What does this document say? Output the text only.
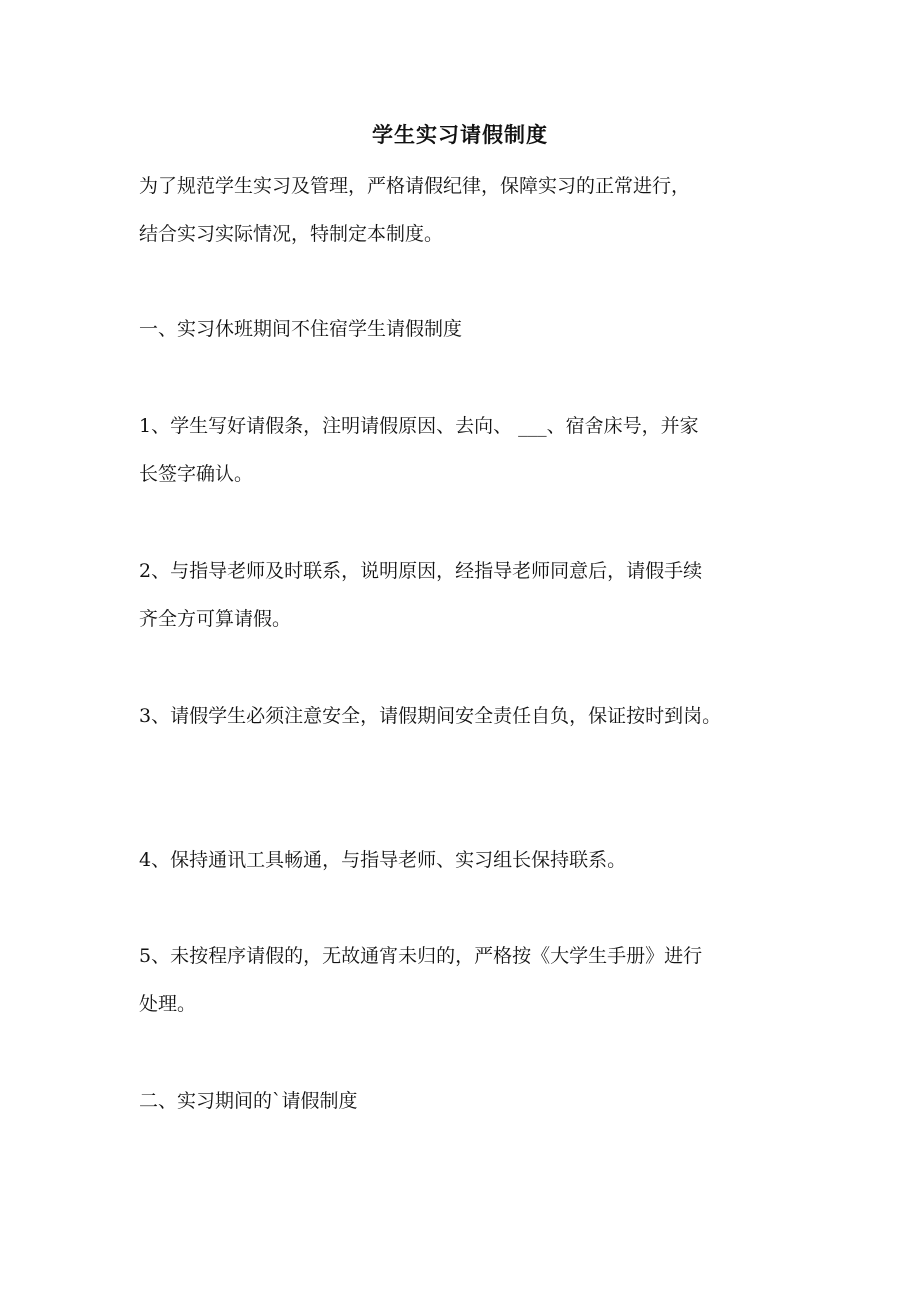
学生实习请假制度
为了规范学生实习及管理，严格请假纪律，保障实习的正常进行，
结合实习实际情况，特制定本制度。
一、实习休班期间不住宿学生请假制度
1、学生写好请假条，注明请假原因、去向、 ___、宿舍床号，并家
长签字确认。
2、与指导老师及时联系，说明原因，经指导老师同意后，请假手续
齐全方可算请假。
3、请假学生必须注意安全，请假期间安全责任自负，保证按时到岗。
4、保持通讯工具畅通，与指导老师、实习组长保持联系。
5、未按程序请假的，无故通宵未归的，严格按《大学生手册》进行
处理。
二、实习期间的`请假制度
